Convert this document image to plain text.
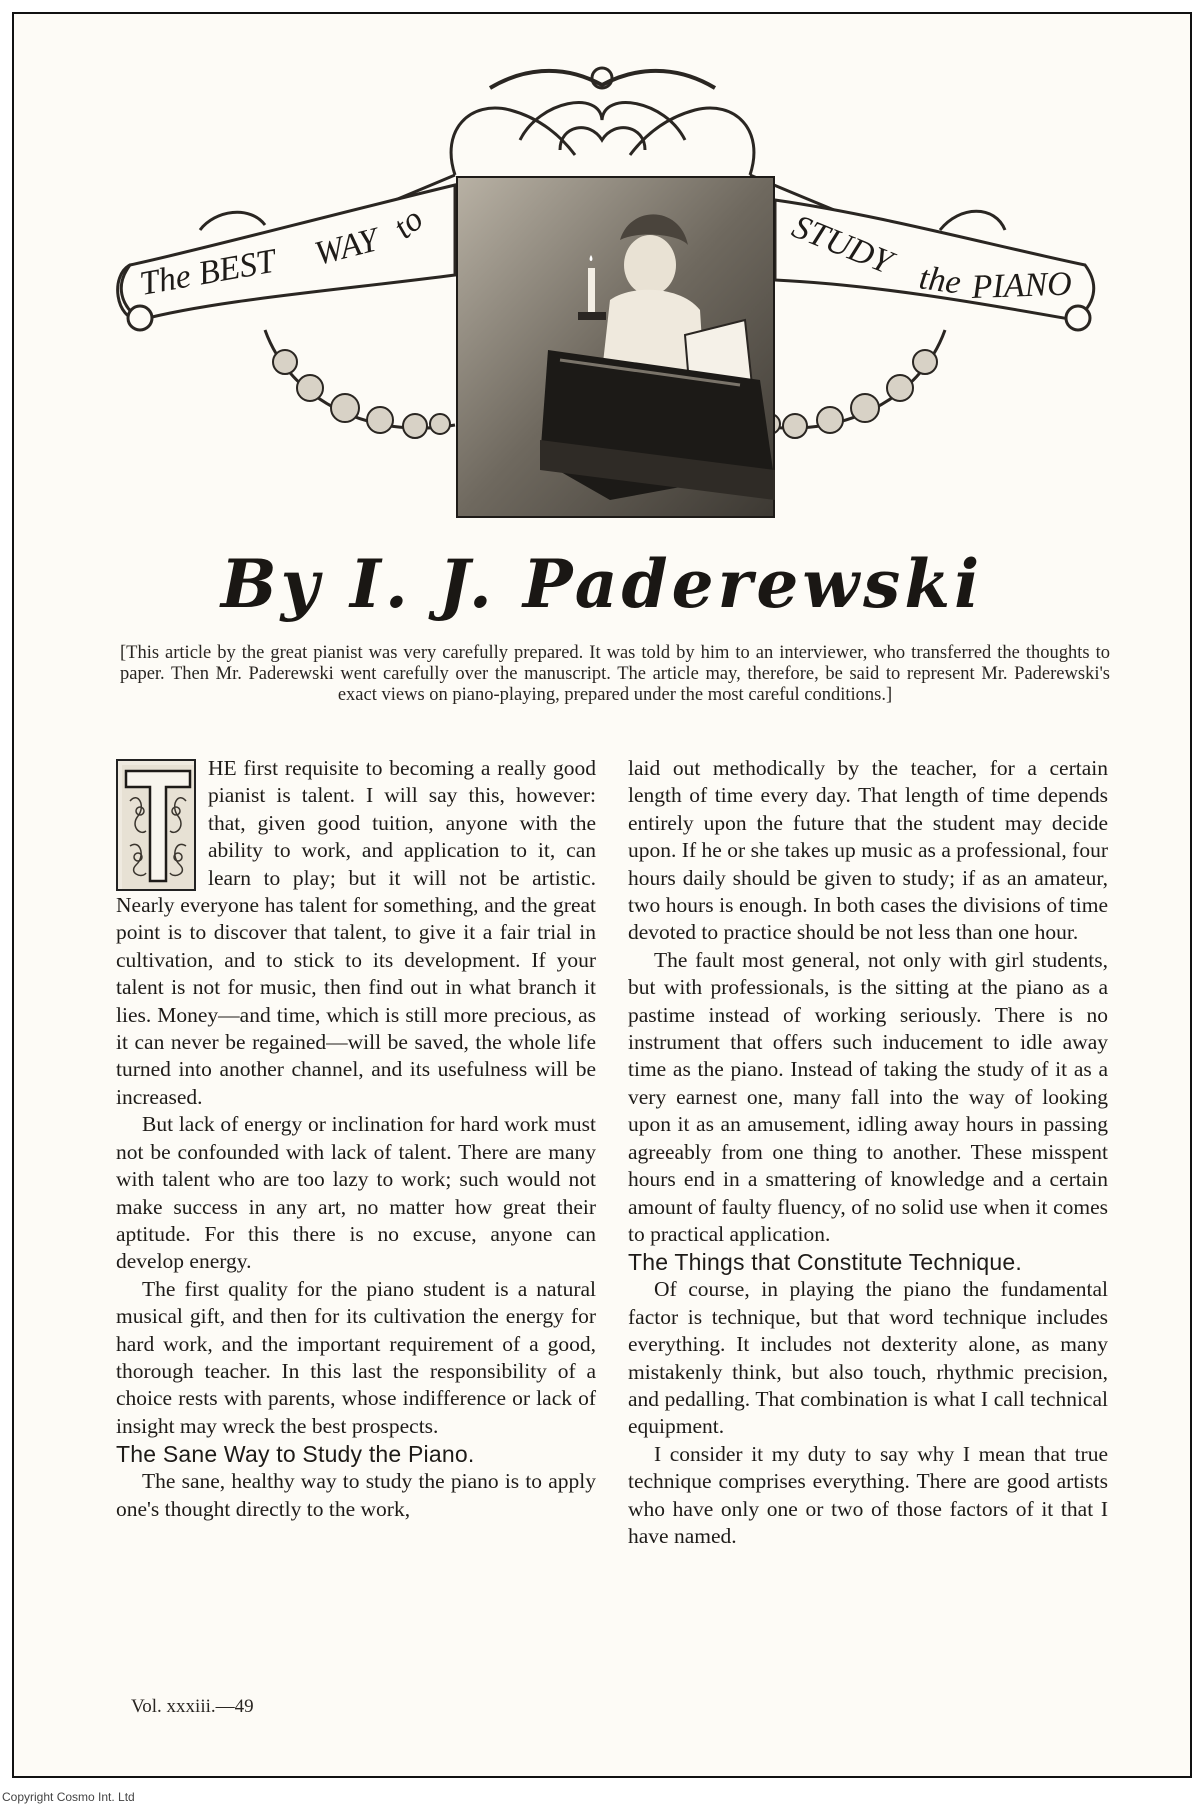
The BEST WAY to	STUDY the PIANO
By I. J. Paderewski
[This article by the great pianist was very carefully prepared. It was told by him to an interviewer, who transferred the thoughts to paper. Then Mr. Paderewski went carefully over the manuscript. The article may, therefore, be said to represent Mr. Paderewski's exact views on piano-playing, prepared under the most careful conditions.]

HE first requisite to becoming a really good pianist is talent. I will say this, however: that, given good tuition, anyone with the ability to work, and application to it, can learn to play; but it will not be artistic. Nearly everyone has talent for something, and the great point is to discover that talent, to give it a fair trial in cultivation, and to stick to its development. If your talent is not for music, then find out in what branch it lies. Money—and time, which is still more precious, as it can never be regained—will be saved, the whole life turned into another channel, and its usefulness will be increased.

But lack of energy or inclination for hard work must not be confounded with lack of talent. There are many with talent who are too lazy to work; such would not make success in any art, no matter how great their aptitude. For this there is no excuse, anyone can develop energy.

The first quality for the piano student is a natural musical gift, and then for its cultivation the energy for hard work, and the important requirement of a good, thorough teacher. In this last the responsibility of a choice rests with parents, whose indifference or lack of insight may wreck the best prospects.

The Sane Way to Study the Piano.

The sane, healthy way to study the piano is to apply one's thought directly to the work,

laid out methodically by the teacher, for a certain length of time every day. That length of time depends entirely upon the future that the student may decide upon. If he or she takes up music as a professional, four hours daily should be given to study; if as an amateur, two hours is enough. In both cases the divisions of time devoted to practice should be not less than one hour.

The fault most general, not only with girl students, but with professionals, is the sitting at the piano as a pastime instead of working seriously. There is no instrument that offers such inducement to idle away time as the piano. Instead of taking the study of it as a very earnest one, many fall into the way of looking upon it as an amusement, idling away hours in passing agreeably from one thing to another. These misspent hours end in a smattering of knowledge and a certain amount of faulty fluency, of no solid use when it comes to practical application.

The Things that Constitute Technique.

Of course, in playing the piano the fundamental factor is technique, but that word technique includes everything. It includes not dexterity alone, as many mistakenly think, but also touch, rhythmic precision, and pedalling. That combination is what I call technical equipment.

I consider it my duty to say why I mean that true technique comprises everything. There are good artists who have only one or two of those factors of it that I have named.

Vol. xxxiii.—49
Copyright Cosmo Int. Ltd
